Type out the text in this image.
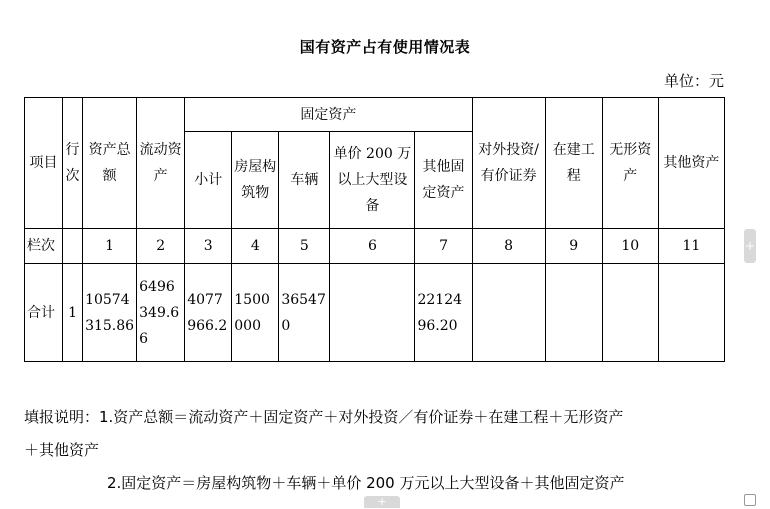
国有资产占有使用情况表
单位：元
项目	行次	资产总额	流动资产	固定资产					对外投资/有价证券	在建工程	无形资产	其他资产
				小计	房屋构筑物	车辆	单价 200 万以上大型设备	其他固定资产				
栏次		1	2	3	4	5	6	7	8	9	10	11
合计	1	10574315.86	6496349.66	4077966.2	1500000	365470		2212496.20				
填报说明：1.资产总额＝流动资产＋固定资产＋对外投资／有价证券＋在建工程＋无形资产
＋其他资产
2.固定资产＝房屋构筑物＋车辆＋单价 200 万元以上大型设备＋其他固定资产
+
+
